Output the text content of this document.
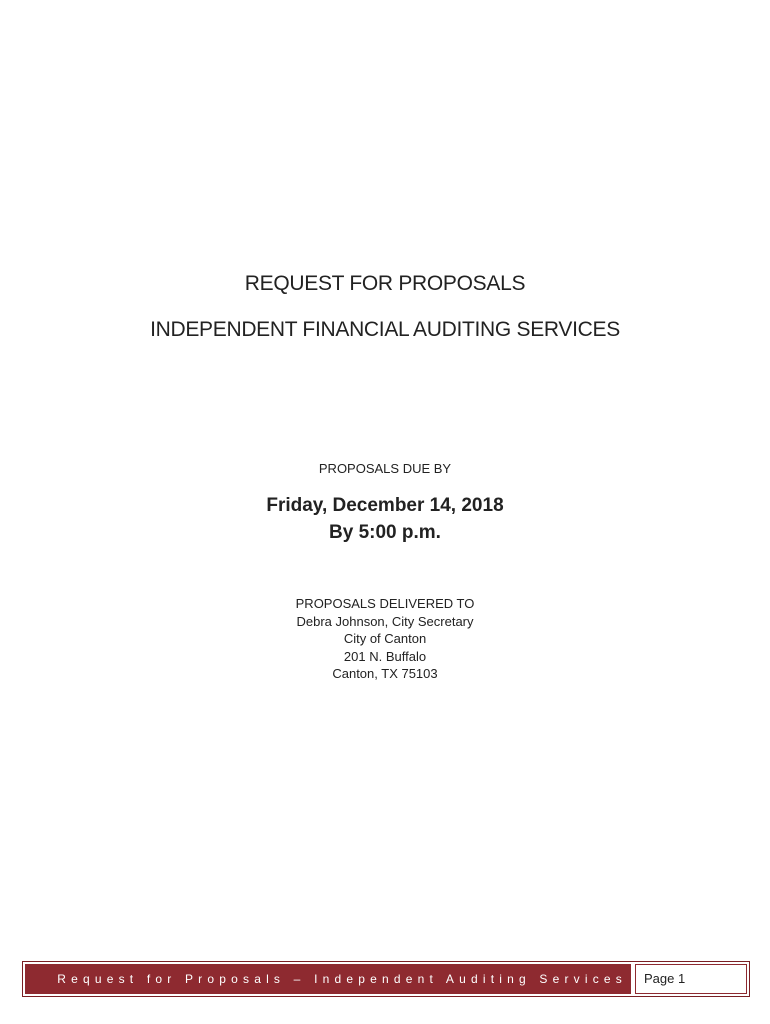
REQUEST FOR PROPOSALS
INDEPENDENT FINANCIAL AUDITING SERVICES
PROPOSALS DUE BY
Friday, December 14, 2018
By 5:00 p.m.
PROPOSALS DELIVERED TO
Debra Johnson, City Secretary
City of Canton
201 N. Buffalo
Canton, TX 75103
Request for Proposals – Independent Auditing Services	Page 1
